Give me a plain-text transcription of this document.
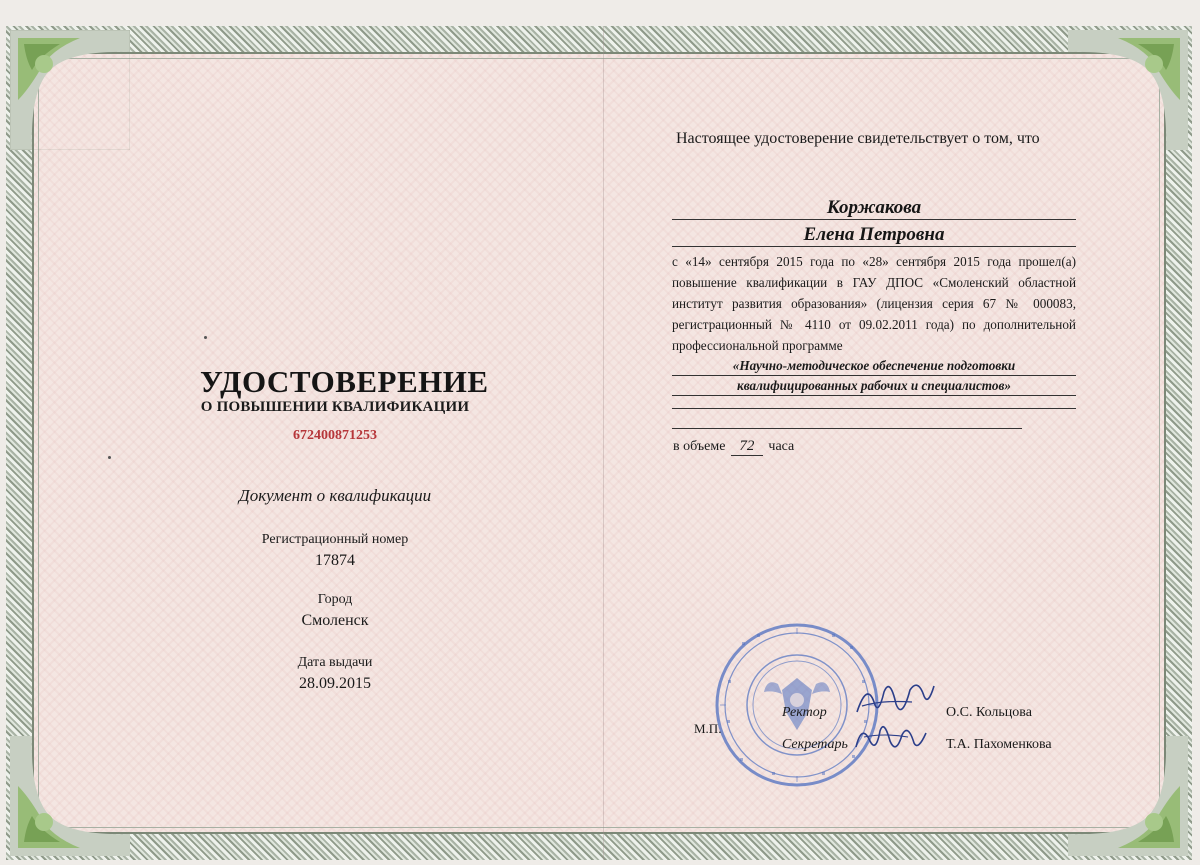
УДОСТОВЕРЕНИЕ
О ПОВЫШЕНИИ КВАЛИФИКАЦИИ
672400871253
Документ о квалификации
Регистрационный номер
17874
Город
Смоленск
Дата выдачи
28.09.2015
Настоящее удостоверение свидетельствует о том, что
Коржакова
Елена Петровна
с «14» сентября 2015 года по «28» сентября 2015 года прошел(а) повышение квалификации в ГАУ ДПОС «Смоленский областной институт развития образования» (лицензия серия 67 № 000083, регистрационный № 4110 от 09.02.2011 года) по дополнительной профессиональной программе
«Научно-методическое обеспечение подготовки
квалифицированных рабочих и специалистов»
в объеме 72 часа
М.П.
Ректор	О.С. Кольцова
Секретарь	Т.А. Пахоменкова
